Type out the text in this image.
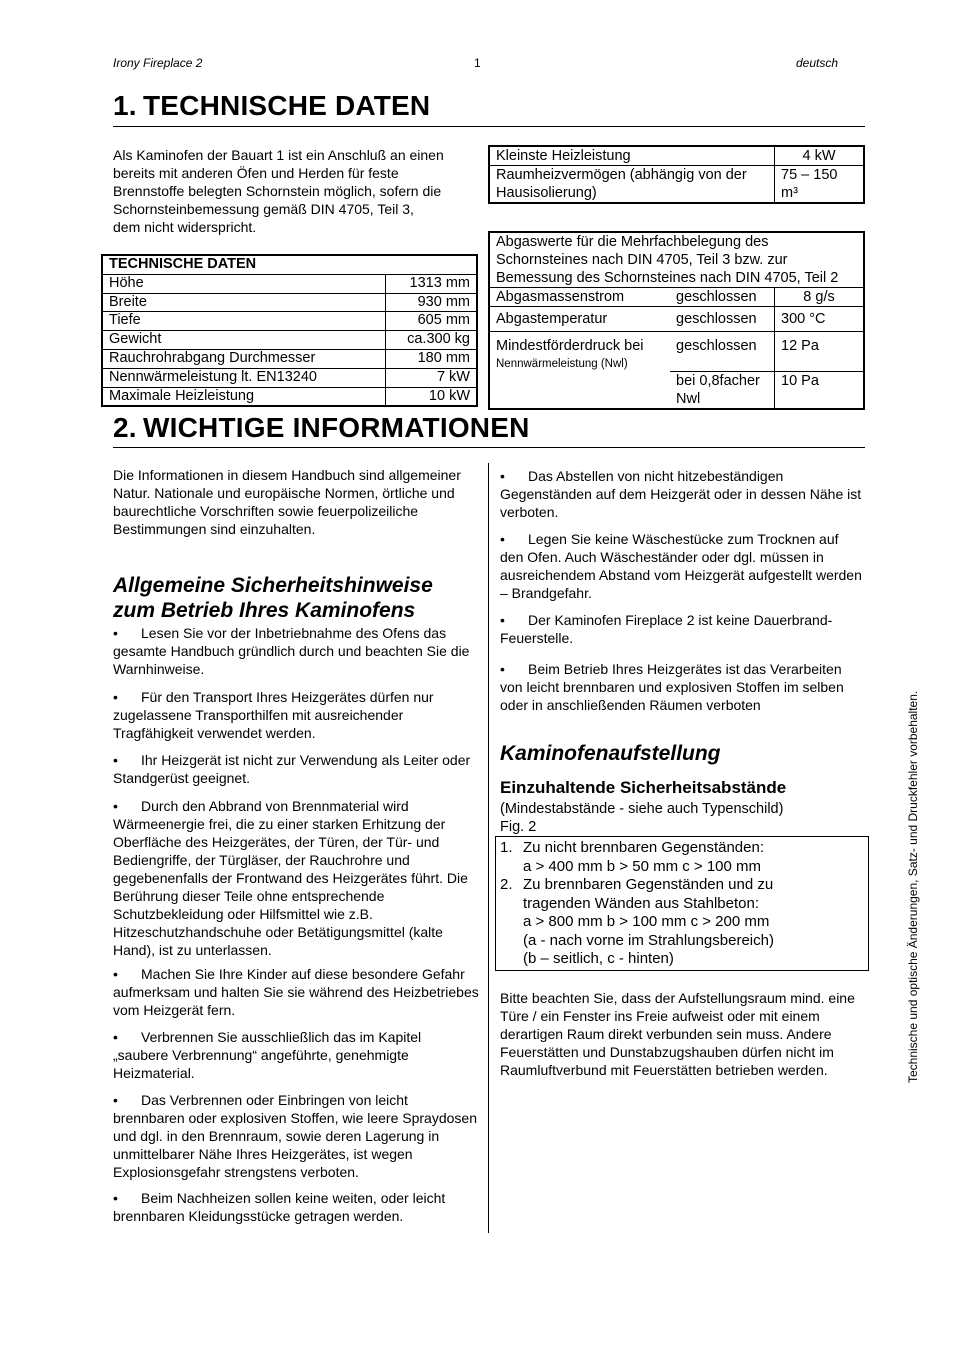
Irony Fireplace 2	1	deutsch
1. TECHNISCHE DATEN
Als Kaminofen der Bauart 1 ist ein Anschluß an einen
bereits mit anderen Öfen und Herden für feste
Brennstoffe belegten Schornstein möglich, sofern die
Schornsteinbemessung gemäß DIN 4705, Teil 3,
dem nicht widerspricht.
TECHNISCHE DATEN	
Höhe	1313 mm
Breite	930 mm
Tiefe	605 mm
Gewicht	ca.300 kg
Rauchrohrabgang Durchmesser	180 mm
Nennwärmeleistung lt. EN13240	7 kW
Maximale Heizleistung	10 kW
Kleinste Heizleistung	4 kW
Raumheizvermögen (abhängig von der Hausisolierung)	75 – 150 m³
Abgaswerte für die Mehrfachbelegung des Schornsteines nach DIN 4705, Teil 3 bzw. zur Bemessung des Schornsteines nach DIN 4705, Teil 2		
Abgasmassenstrom	geschlossen	8 g/s
Abgastemperatur	geschlossen	300 °C

Mindestförderdruck bei
Nennwärmeleistung (Nwl)	geschlossen	12 Pa
	bei 0,8facher Nwl	10 Pa
2. WICHTIGE INFORMATIONEN
Die Informationen in diesem Handbuch sind allgemeiner Natur. Nationale und europäische Normen, örtliche und baurechtliche Vorschriften sowie feuerpolizeiliche Bestimmungen sind einzuhalten.
Allgemeine Sicherheitshinweise
zum Betrieb Ihres Kaminofens
• Lesen Sie vor der Inbetriebnahme des Ofens das gesamte Handbuch gründlich durch und beachten Sie die Warnhinweise.
• Für den Transport Ihres Heizgerätes dürfen nur zugelassene Transporthilfen mit ausreichender Tragfähigkeit verwendet werden.
• Ihr Heizgerät ist nicht zur Verwendung als Leiter oder Standgerüst geeignet.
• Durch den Abbrand von Brennmaterial wird Wärmeenergie frei, die zu einer starken Erhitzung der Oberfläche des Heizgerätes, der Türen, der Tür- und Bediengriffe, der Türgläser, der Rauchrohre und gegebenenfalls der Frontwand des Heizgerätes führt. Die Berührung dieser Teile ohne entsprechende Schutzbekleidung oder Hilfsmittel wie z.B. Hitzeschutzhandschuhe oder Betätigungsmittel (kalte Hand), ist zu unterlassen.
• Machen Sie Ihre Kinder auf diese besondere Gefahr aufmerksam und halten Sie sie während des Heizbetriebes vom Heizgerät fern.
• Verbrennen Sie ausschließlich das im Kapitel „saubere Verbrennung“ angeführte, genehmigte Heizmaterial.
• Das Verbrennen oder Einbringen von leicht brennbaren oder explosiven Stoffen, wie leere Spraydosen und dgl. in den Brennraum, sowie deren Lagerung in unmittelbarer Nähe Ihres Heizgerätes, ist wegen Explosionsgefahr strengstens verboten.
• Beim Nachheizen sollen keine weiten, oder leicht brennbaren Kleidungsstücke getragen werden.
• Das Abstellen von nicht hitzebeständigen Gegenständen auf dem Heizgerät oder in dessen Nähe ist verboten.
• Legen Sie keine Wäschestücke zum Trocknen auf den Ofen. Auch Wäscheständer oder dgl. müssen in ausreichendem Abstand vom Heizgerät aufgestellt werden – Brandgefahr.
• Der Kaminofen Fireplace 2 ist keine Dauerbrand-Feuerstelle.
• Beim Betrieb Ihres Heizgerätes ist das Verarbeiten von leicht brennbaren und explosiven Stoffen im selben oder in anschließenden Räumen verboten
Kaminofenaufstellung
Einzuhaltende Sicherheitsabstände
(Mindestabstände - siehe auch Typenschild)
Fig. 2
1. Zu nicht brennbaren Gegenständen:
a > 400 mm b > 50 mm c > 100 mm
2. Zu brennbaren Gegenständen und zu tragenden Wänden aus Stahlbeton:
a > 800 mm b > 100 mm c > 200 mm
(a - nach vorne im Strahlungsbereich)
(b – seitlich, c - hinten)
Bitte beachten Sie, dass der Aufstellungsraum mind. eine Türe / ein Fenster ins Freie aufweist oder mit einem derartigen Raum direkt verbunden sein muss. Andere Feuerstätten und Dunstabzugshauben dürfen nicht im Raumluftverbund mit Feuerstätten betrieben werden.	Technische und optische Änderungen, Satz- und Druckfehler vorbehalten.
